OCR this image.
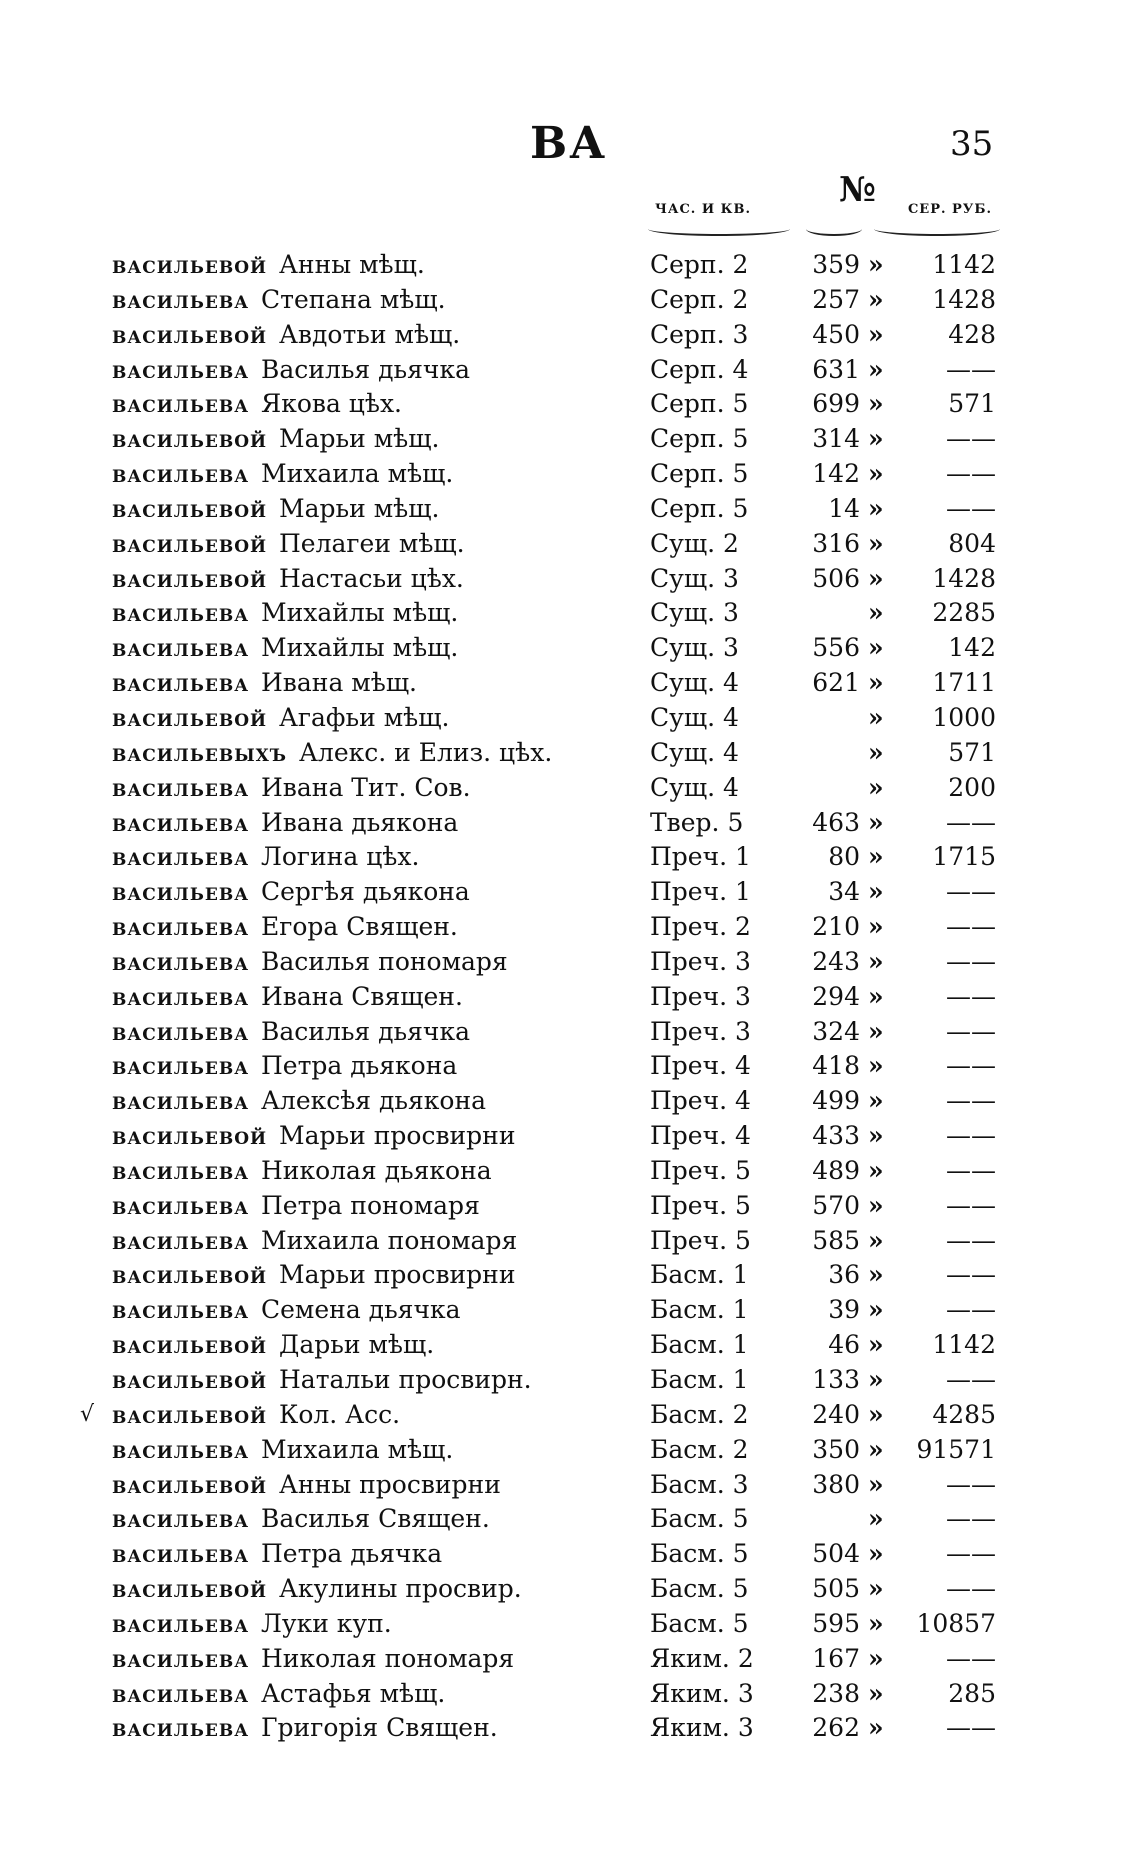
ВА	35
ЧАС. И КВ.	№	СЕР. РУБ.
васильевой Анны мѣщ.	Серп. 2	359 »	1142
васильева Степана мѣщ.	Серп. 2	257 »	1428
васильевой Авдотьи мѣщ.	Серп. 3	450 »	428
васильева Василья дьячка	Серп. 4	631 »	——
васильева Якова цѣх.	Серп. 5	699 »	571
васильевой Марьи мѣщ.	Серп. 5	314 »	——
васильева Михаила мѣщ.	Серп. 5	142 »	——
васильевой Марьи мѣщ.	Серп. 5	14 »	——
васильевой Пелагеи мѣщ.	Сущ. 2	316 »	804
васильевой Настасьи цѣх.	Сущ. 3	506 »	1428
васильева Михайлы мѣщ.	Сущ. 3	»	2285
васильева Михайлы мѣщ.	Сущ. 3	556 »	142
васильева Ивана мѣщ.	Сущ. 4	621 »	1711
васильевой Агафьи мѣщ.	Сущ. 4	»	1000
васильевыхъ Алекс. и Елиз. цѣх.	Сущ. 4	»	571
васильева Ивана Тит. Сов.	Сущ. 4	»	200
васильева Ивана дьякона	Твер. 5	463 »	——
васильева Логина цѣх.	Преч. 1	80 »	1715
васильева Сергѣя дьякона	Преч. 1	34 »	——
васильева Егора Священ.	Преч. 2	210 »	——
васильева Василья пономаря	Преч. 3	243 »	——
васильева Ивана Священ.	Преч. 3	294 »	——
васильева Василья дьячка	Преч. 3	324 »	——
васильева Петра дьякона	Преч. 4	418 »	——
васильева Алексѣя дьякона	Преч. 4	499 »	——
васильевой Марьи просвирни	Преч. 4	433 »	——
васильева Николая дьякона	Преч. 5	489 »	——
васильева Петра пономаря	Преч. 5	570 »	——
васильева Михаила пономаря	Преч. 5	585 »	——
васильевой Марьи просвирни	Басм. 1	36 »	——
васильева Семена дьячка	Басм. 1	39 »	——
васильевой Дарьи мѣщ.	Басм. 1	46 »	1142
васильевой Натальи просвирн.	Басм. 1	133 »	——
√ васильевой Кол. Асс.	Басм. 2	240 »	4285
васильева Михаила мѣщ.	Басм. 2	350 »	91571
васильевой Анны просвирни	Басм. 3	380 »	——
васильева Василья Священ.	Басм. 5	»	——
васильева Петра дьячка	Басм. 5	504 »	——
васильевой Акулины просвир.	Басм. 5	505 »	——
васильева Луки куп.	Басм. 5	595 »	10857
васильева Николая пономаря	Яким. 2	167 »	——
васильева Астафья мѣщ.	Яким. 3	238 »	285
васильева Григорія Священ.	Яким. 3	262 »	——
